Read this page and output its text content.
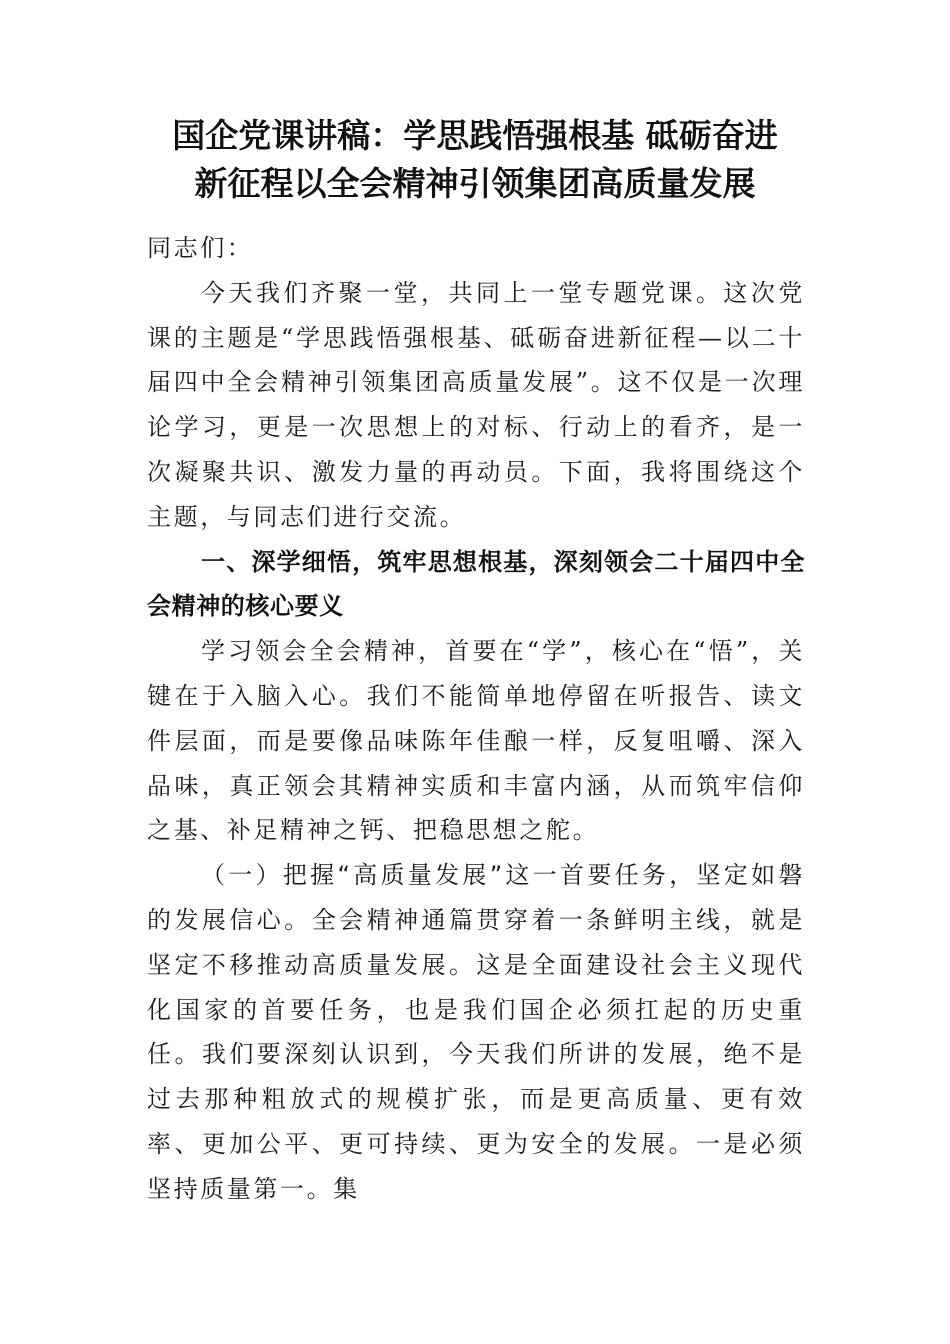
国企党课讲稿：学思践悟强根基 砥砺奋进
新征程以全会精神引领集团高质量发展

同志们：

今天我们齐聚一堂，共同上一堂专题党课。这次党课的主题是“学思践悟强根基、砥砺奋进新征程—以二十届四中全会精神引领集团高质量发展”。这不仅是一次理论学习，更是一次思想上的对标、行动上的看齐，是一次凝聚共识、激发力量的再动员。下面，我将围绕这个主题，与同志们进行交流。

一、深学细悟，筑牢思想根基，深刻领会二十届四中全会精神的核心要义

学习领会全会精神，首要在“学”，核心在“悟”，关键在于入脑入心。我们不能简单地停留在听报告、读文件层面，而是要像品味陈年佳酿一样，反复咀嚼、深入品味，真正领会其精神实质和丰富内涵，从而筑牢信仰之基、补足精神之钙、把稳思想之舵。

（一）把握“高质量发展”这一首要任务，坚定如磐的发展信心。全会精神通篇贯穿着一条鲜明主线，就是坚定不移推动高质量发展。这是全面建设社会主义现代化国家的首要任务，也是我们国企必须扛起的历史重任。我们要深刻认识到，今天我们所讲的发展，绝不是过去那种粗放式的规模扩张，而是更高质量、更有效率、更加公平、更可持续、更为安全的发展。一是必须坚持质量第一。集
